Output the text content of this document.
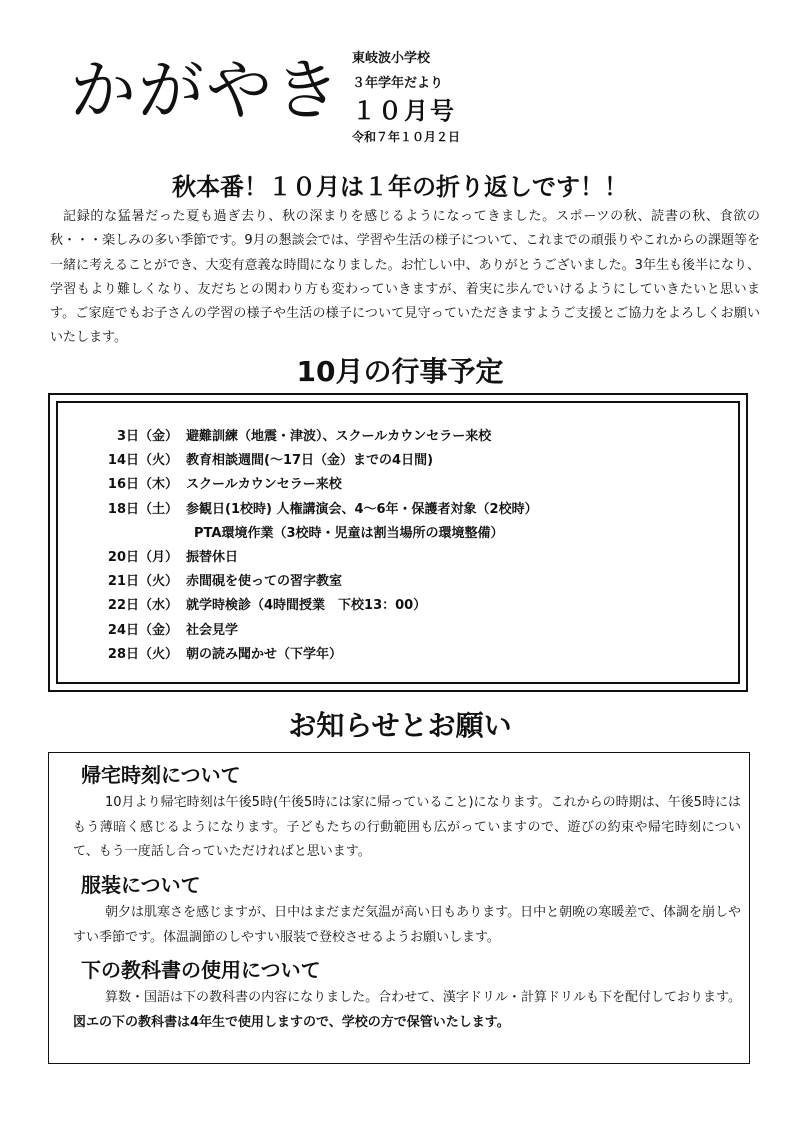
かがやき 東岐波小学校
３年学年だより
１０月号
令和７年１０月２日
秋本番！１０月は１年の折り返しです！！

記録的な猛暑だった夏も過ぎ去り、秋の深まりを感じるようになってきました。スポーツの秋、読書の秋、食欲の秋・・・楽しみの多い季節です。9月の懇談会では、学習や生活の様子について、これまでの頑張りやこれからの課題等を一緒に考えることができ、大変有意義な時間になりました。お忙しい中、ありがとうございました。3年生も後半になり、学習もより難しくなり、友だちとの関わり方も変わっていきますが、着実に歩んでいけるようにしていきたいと思います。ご家庭でもお子さんの学習の様子や生活の様子について見守っていただきますようご支援とご協力をよろしくお願いいたします。

10月の行事予定
3日（金） 避難訓練（地震・津波）、スクールカウンセラー来校
14日（火） 教育相談週間(～17日（金）までの4日間)
16日（木） スクールカウンセラー来校
18日（土） 参観日(1校時) 人権講演会、4～6年・保護者対象（2校時）
PTA環境作業（3校時・児童は割当場所の環境整備）
20日（月） 振替休日
21日（火） 赤間硯を使っての習字教室
22日（水） 就学時検診（4時間授業　下校13：00）
24日（金） 社会見学
28日（火） 朝の読み聞かせ（下学年）
お知らせとお願い
帰宅時刻について

10月より帰宅時刻は午後5時(午後5時には家に帰っていること)になります。これからの時期は、午後5時にはもう薄暗く感じるようになります。子どもたちの行動範囲も広がっていますので、遊びの約束や帰宅時刻について、もう一度話し合っていただければと思います。

服装について

朝夕は肌寒さを感じますが、日中はまだまだ気温が高い日もあります。日中と朝晩の寒暖差で、体調を崩しやすい季節です。体温調節のしやすい服装で登校させるようお願いします。

下の教科書の使用について

算数・国語は下の教科書の内容になりました。合わせて、漢字ドリル・計算ドリルも下を配付しております。図エの下の教科書は4年生で使用しますので、学校の方で保管いたします。
